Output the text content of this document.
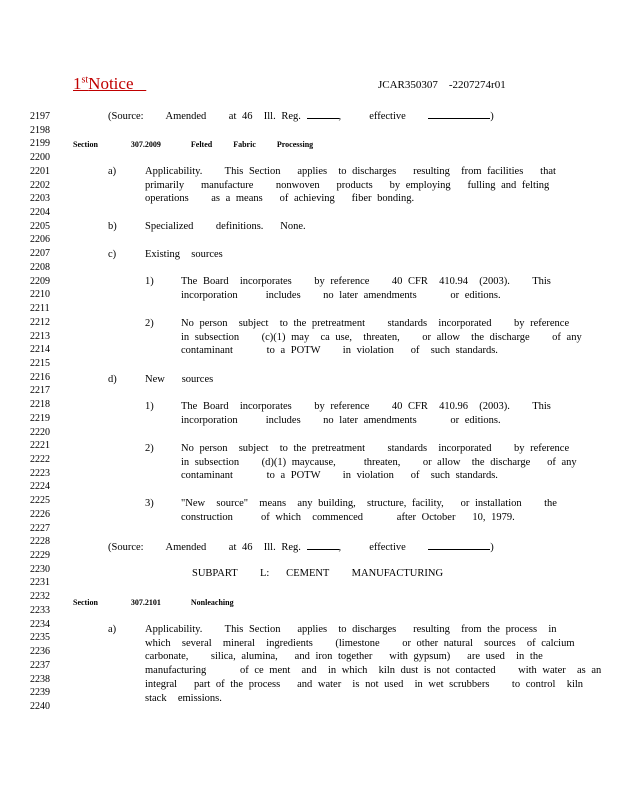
1stNotice	JCAR350307    -2207274r01
2197
2198
2199
2200
2201
2202
2203
2204
2205
2206
2207
2208
2209
2210
2211
2212
2213
2214
2215
2216
2217
2218
2219
2220
2221
2222
2223
2224
2225
2226
2227
2228
2229
2230
2231
2232
2233
2234
2235
2236
2237
2238
2239
2240
(Source:    Amended    at 46  Ill. Reg.	,     effective	)
Section	307.2009	Felted       Fabric       Processing
a)	Applicability.    This Section   applies  to discharges   resulting  from facilities   that
primarily   manufacture    nonwoven   products   by employing   fulling and felting
operations    as a means   of achieving   fiber bonding.
b)	Specialized    definitions.   None.
c)	Existing  sources
1)	The Board  incorporates    by reference    40 CFR  410.94  (2003).    This
incorporation     includes    no later amendments      or editions.
2)	No person  subject  to the pretreatment    standards  incorporated    by reference
in subsection    (c)(1) may  ca use,  threaten,    or allow  the discharge    of any
contaminant      to a POTW    in violation   of  such standards.
d)	New   sources
1)	The Board  incorporates    by reference    40 CFR  410.96  (2003).    This
incorporation     includes    no later amendments      or editions.
2)	No person  subject  to the pretreatment    standards  incorporated    by reference
in subsection    (d)(1) maycause,     threaten,    or allow  the discharge   of any
contaminant      to a POTW    in violation   of  such standards.
3)	"New  source"  means  any building,  structure, facility,   or installation    the
construction     of which  commenced      after October   10, 1979.
(Source:    Amended    at 46  Ill. Reg.	,     effective	)
SUBPART    L:   CEMENT    MANUFACTURING
Section	307.2101	Nonleaching
a)	Applicability.    This Section   applies  to discharges   resulting  from the process  in
which  several  mineral  ingredients    (limestone    or other natural  sources  of calcium
carbonate,    silica, alumina,   and iron together   with gypsum)   are used  in the
manufacturing      of ce ment  and  in which  kiln dust is not contacted    with water  as an
integral   part of the process   and water  is not used  in wet scrubbers    to control  kiln
stack  emissions.
